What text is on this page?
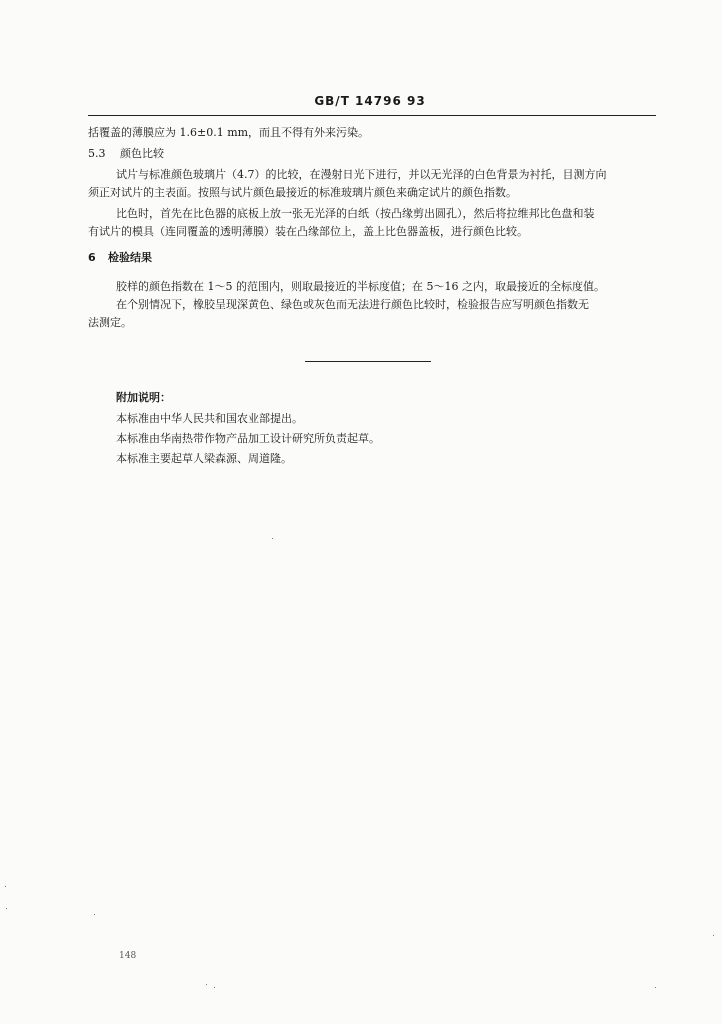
GB/T 14796 93
括覆盖的薄膜应为 1.6±0.1 mm，而且不得有外来污染。
5.3 颜色比较
试片与标准颜色玻璃片（4.7）的比较，在漫射日光下进行，并以无光泽的白色背景为衬托，目测方向
须正对试片的主表面。按照与试片颜色最接近的标准玻璃片颜色来确定试片的颜色指数。
比色时，首先在比色器的底板上放一张无光泽的白纸（按凸缘剪出圆孔），然后将拉维邦比色盘和装
有试片的模具（连同覆盖的透明薄膜）装在凸缘部位上，盖上比色器盖板，进行颜色比较。
6 检验结果
胶样的颜色指数在 1～5 的范围内，则取最接近的半标度值；在 5～16 之内，取最接近的全标度值。
在个别情况下，橡胶呈现深黄色、绿色或灰色而无法进行颜色比较时，检验报告应写明颜色指数无
法测定。
附加说明：
本标准由中华人民共和国农业部提出。
本标准由华南热带作物产品加工设计研究所负责起草。
本标准主要起草人梁森源、周道隆。
148
